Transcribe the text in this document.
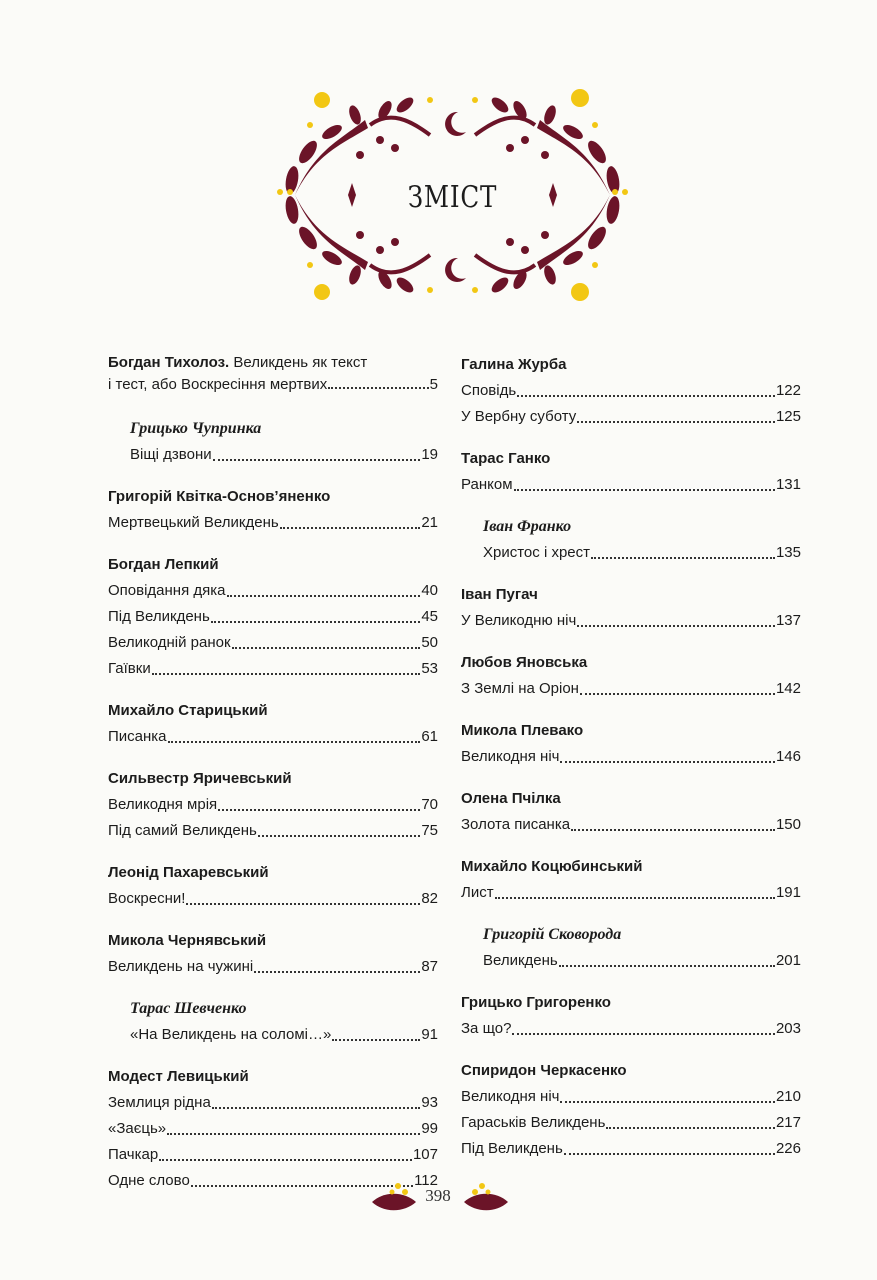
ЗМІСТ
Богдан Тихолоз. Великдень як текст
і тест, або Воскресіння мертвих	5
Грицько Чупринка
Віщі дзвони	19
Григорій Квітка-Основ’яненко
Мертвецький Великдень	21
Богдан Лепкий
Оповідання дяка	40
Під Великдень	45
Великодній ранок	50
Гаївки	53
Михайло Старицький
Писанка	61
Сильвестр Яричевський
Великодня мрія	70
Під самий Великдень	75
Леонід Пахаревський
Воскресни!	82
Микола Чернявський
Великдень на чужині	87
Тарас Шевченко
«На Великдень на соломі…»	91
Модест Левицький
Землиця рідна	93
«Заєць»	99
Пачкар	107
Одне слово	112
Галина Журба
Сповідь	122
У Вербну суботу	125
Тарас Ганко
Ранком	131
Іван Франко
Христос і хрест	135
Іван Пугач
У Великодню ніч	137
Любов Яновська
З Землі на Оріон	142
Микола Плевако
Великодня ніч	146
Олена Пчілка
Золота писанка	150
Михайло Коцюбинський
Лист	191
Григорій Сковорода
Великдень	201
Грицько Григоренко
За що?	203
Спиридон Черкасенко
Великодня ніч	210
Гараськів Великдень	217
Під Великдень	226
398
